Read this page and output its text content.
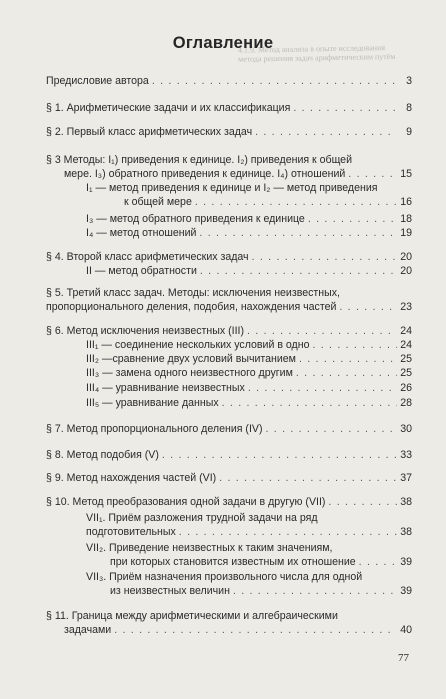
4.1.9. Метод анализа в опыте исследования
метода решения задач арифметическим путём
Оглавление
Предисловие автора . . .	3
§ 1. Арифметические задачи и их классификация . . .	8
§ 2. Первый класс арифметических задач . . .	9
§ 3 Методы: I₁) приведения к единице. I₂) приведения к общей
мере. I₃) обратного приведения к единице. I₄) отношений . . .	15
I₁ — метод приведения к единице и I₂ — метод приведения
к общей мере . . .	16
I₃ — метод обратного приведения к единице . . .	18
I₄ — метод отношений . . .	19
§ 4. Второй класс арифметических задач . . .	20
II — метод обратности . . .	20
§ 5. Третий класс задач. Методы: исключения неизвестных,
пропорционального деления, подобия, нахождения частей . . .	23
§ 6. Метод исключения неизвестных (III) . . .	24
III₁ — соединение нескольких условий в одно . . .	24
III₂ —сравнение двух условий вычитанием . . .	25
III₃ — замена одного неизвестного другим . . .	25
III₄ — уравнивание неизвестных . . .	26
III₅ — уравнивание данных . . .	28
§ 7. Метод пропорционального деления (IV) . . .	30
§ 8. Метод подобия (V) . . .	33
§ 9. Метод нахождения частей (VI) . . .	37
§ 10. Метод преобразования одной задачи в другую (VII) . . .	38
VII₁. Приём разложения трудной задачи на ряд
подготовительных . . .	38
VII₂. Приведение неизвестных к таким значениям,
при которых становится известным их отношение . . .	39
VII₃. Приём назначения произвольного числа для одной
из неизвестных величин . . .	39
§ 11. Граница между арифметическими и алгебраическими
задачами . . .	40
77
